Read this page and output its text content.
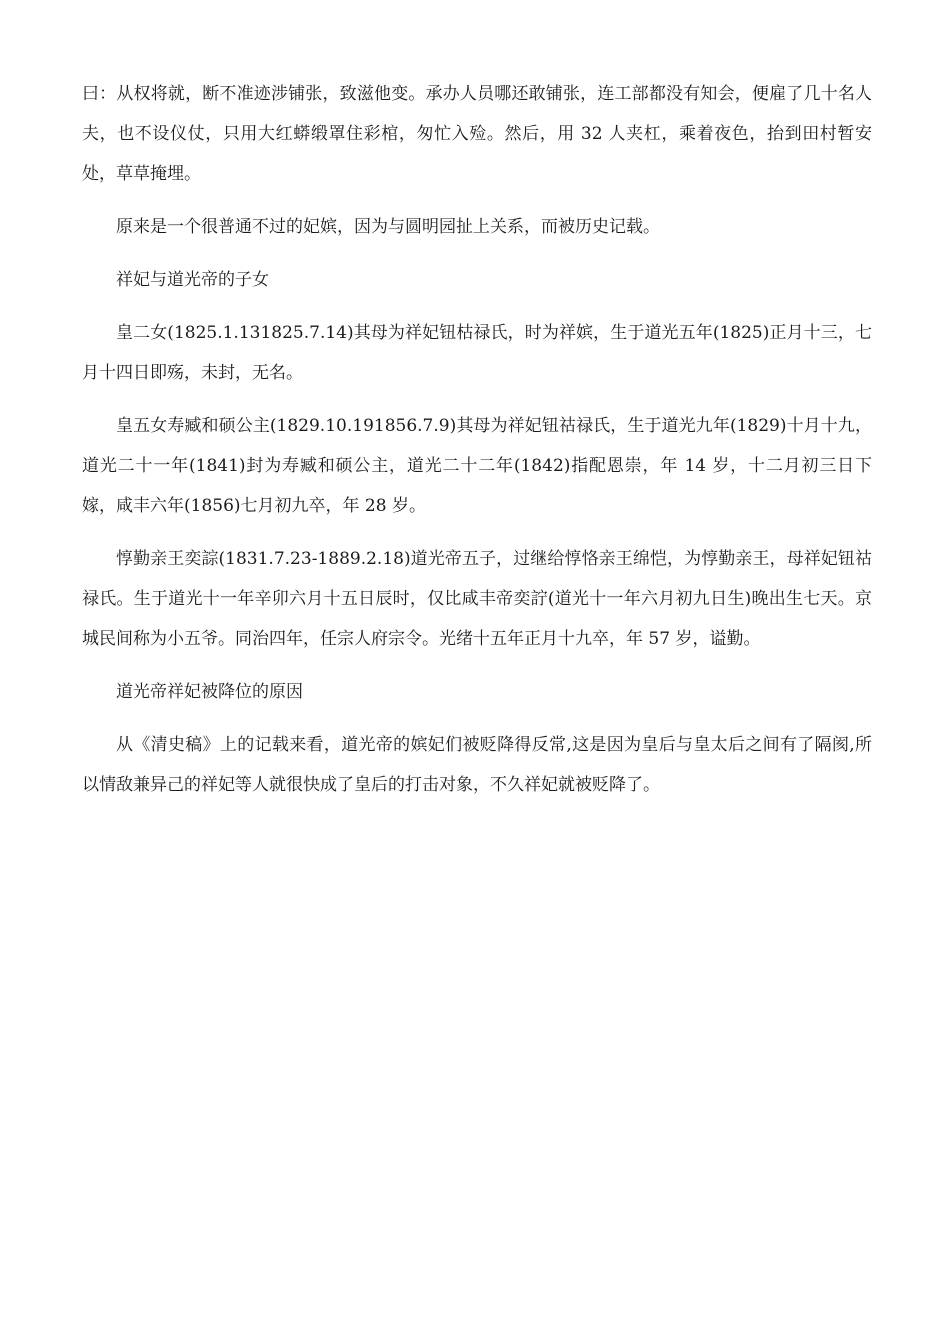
曰：从权将就，断不准迹涉铺张，致滋他变。承办人员哪还敢铺张，连工部都没有知会，便雇了几十名人夫，也不设仪仗，只用大红蟒缎罩住彩棺，匆忙入殓。然后，用 32 人夹杠，乘着夜色，抬到田村暂安处，草草掩埋。

原来是一个很普通不过的妃嫔，因为与圆明园扯上关系，而被历史记载。

祥妃与道光帝的子女

皇二女(1825.1.131825.7.14)其母为祥妃钮枯禄氏，时为祥嫔，生于道光五年(1825)正月十三，七月十四日即殇，未封，无名。

皇五女寿臧和硕公主(1829.10.191856.7.9)其母为祥妃钮祜禄氏，生于道光九年(1829)十月十九，道光二十一年(1841)封为寿臧和硕公主，道光二十二年(1842)指配恩崇，年 14 岁，十二月初三日下嫁，咸丰六年(1856)七月初九卒，年 28 岁。

惇勤亲王奕誴(1831.7.23-1889.2.18)道光帝五子，过继给惇恪亲王绵恺，为惇勤亲王，母祥妃钮祜禄氏。生于道光十一年辛卯六月十五日辰时，仅比咸丰帝奕詝(道光十一年六月初九日生)晚出生七天。京城民间称为小五爷。同治四年，任宗人府宗令。光绪十五年正月十九卒，年 57 岁，谥勤。

道光帝祥妃被降位的原因

从《清史稿》上的记载来看，道光帝的嫔妃们被贬降得反常,这是因为皇后与皇太后之间有了隔阂,所以情敌兼异己的祥妃等人就很快成了皇后的打击对象，不久祥妃就被贬降了。
